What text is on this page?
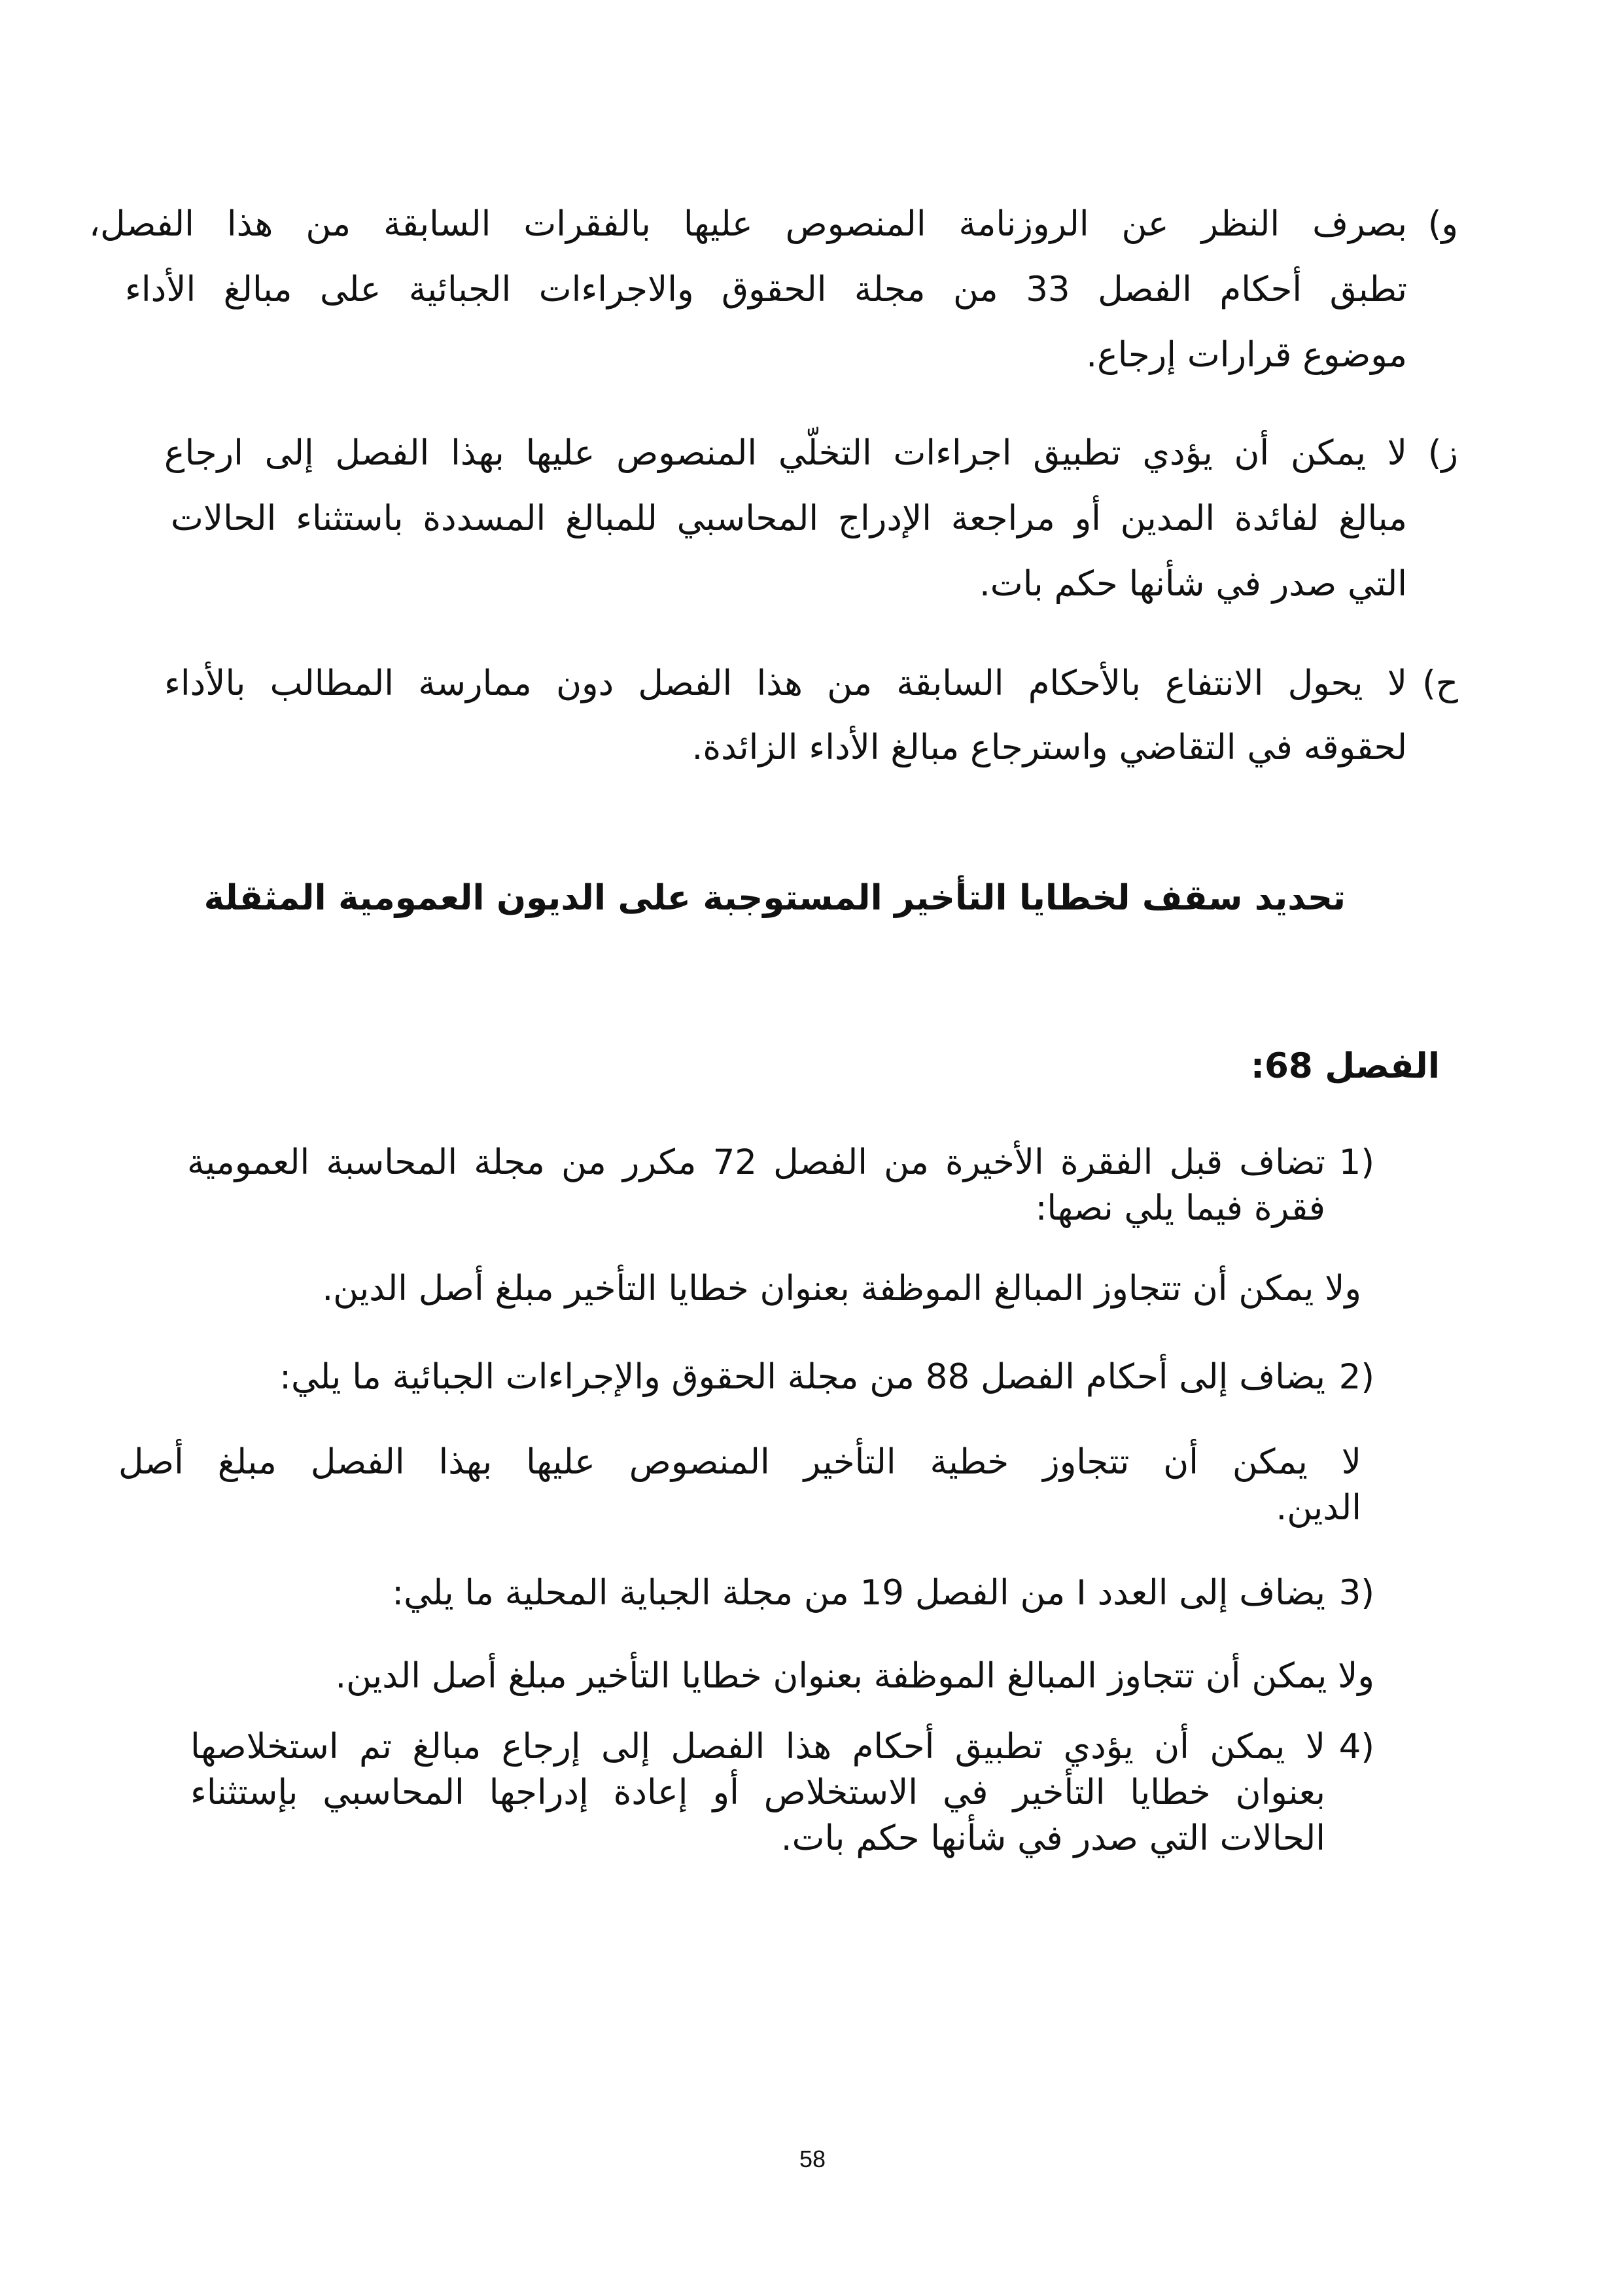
و)
بصرف النظر عن الروزنامة المنصوص عليها بالفقرات السابقة من هذا الفصل،
تطبق أحكام الفصل 33 من مجلة الحقوق والاجراءات الجبائية على مبالغ الأداء
موضوع قرارات إرجاع.
ز)
لا يمكن أن يؤدي تطبيق اجراءات التخلّي المنصوص عليها بهذا الفصل إلى ارجاع
مبالغ لفائدة المدين أو مراجعة الإدراج المحاسبي للمبالغ المسددة باستثناء الحالات
التي صدر في شأنها حكم بات.
ح)
لا يحول الانتفاع بالأحكام السابقة من هذا الفصل دون ممارسة المطالب بالأداء
لحقوقه في التقاضي واسترجاع مبالغ الأداء الزائدة.
تحديد سقف لخطايا التأخير المستوجبة على الديون العمومية المثقلة
الفصل 68:
1)
تضاف قبل الفقرة الأخيرة من الفصل 72 مكرر من مجلة المحاسبة العمومية
فقرة فيما يلي نصها:
ولا يمكن أن تتجاوز المبالغ الموظفة بعنوان خطايا التأخير مبلغ أصل الدين.
2)
يضاف إلى أحكام الفصل 88 من مجلة الحقوق والإجراءات الجبائية ما يلي:
لا يمكن أن تتجاوز خطية التأخير المنصوص عليها بهذا الفصل مبلغ أصل
الدين.
3)
يضاف إلى العدد I من الفصل 19 من مجلة الجباية المحلية ما يلي:
ولا يمكن أن تتجاوز المبالغ الموظفة بعنوان خطايا التأخير مبلغ أصل الدين.
4)
لا يمكن أن يؤدي تطبيق أحكام هذا الفصل إلى إرجاع مبالغ تم استخلاصها
بعنوان خطايا التأخير في الاستخلاص أو إعادة إدراجها المحاسبي بإستثناء
الحالات التي صدر في شأنها حكم بات.
58
